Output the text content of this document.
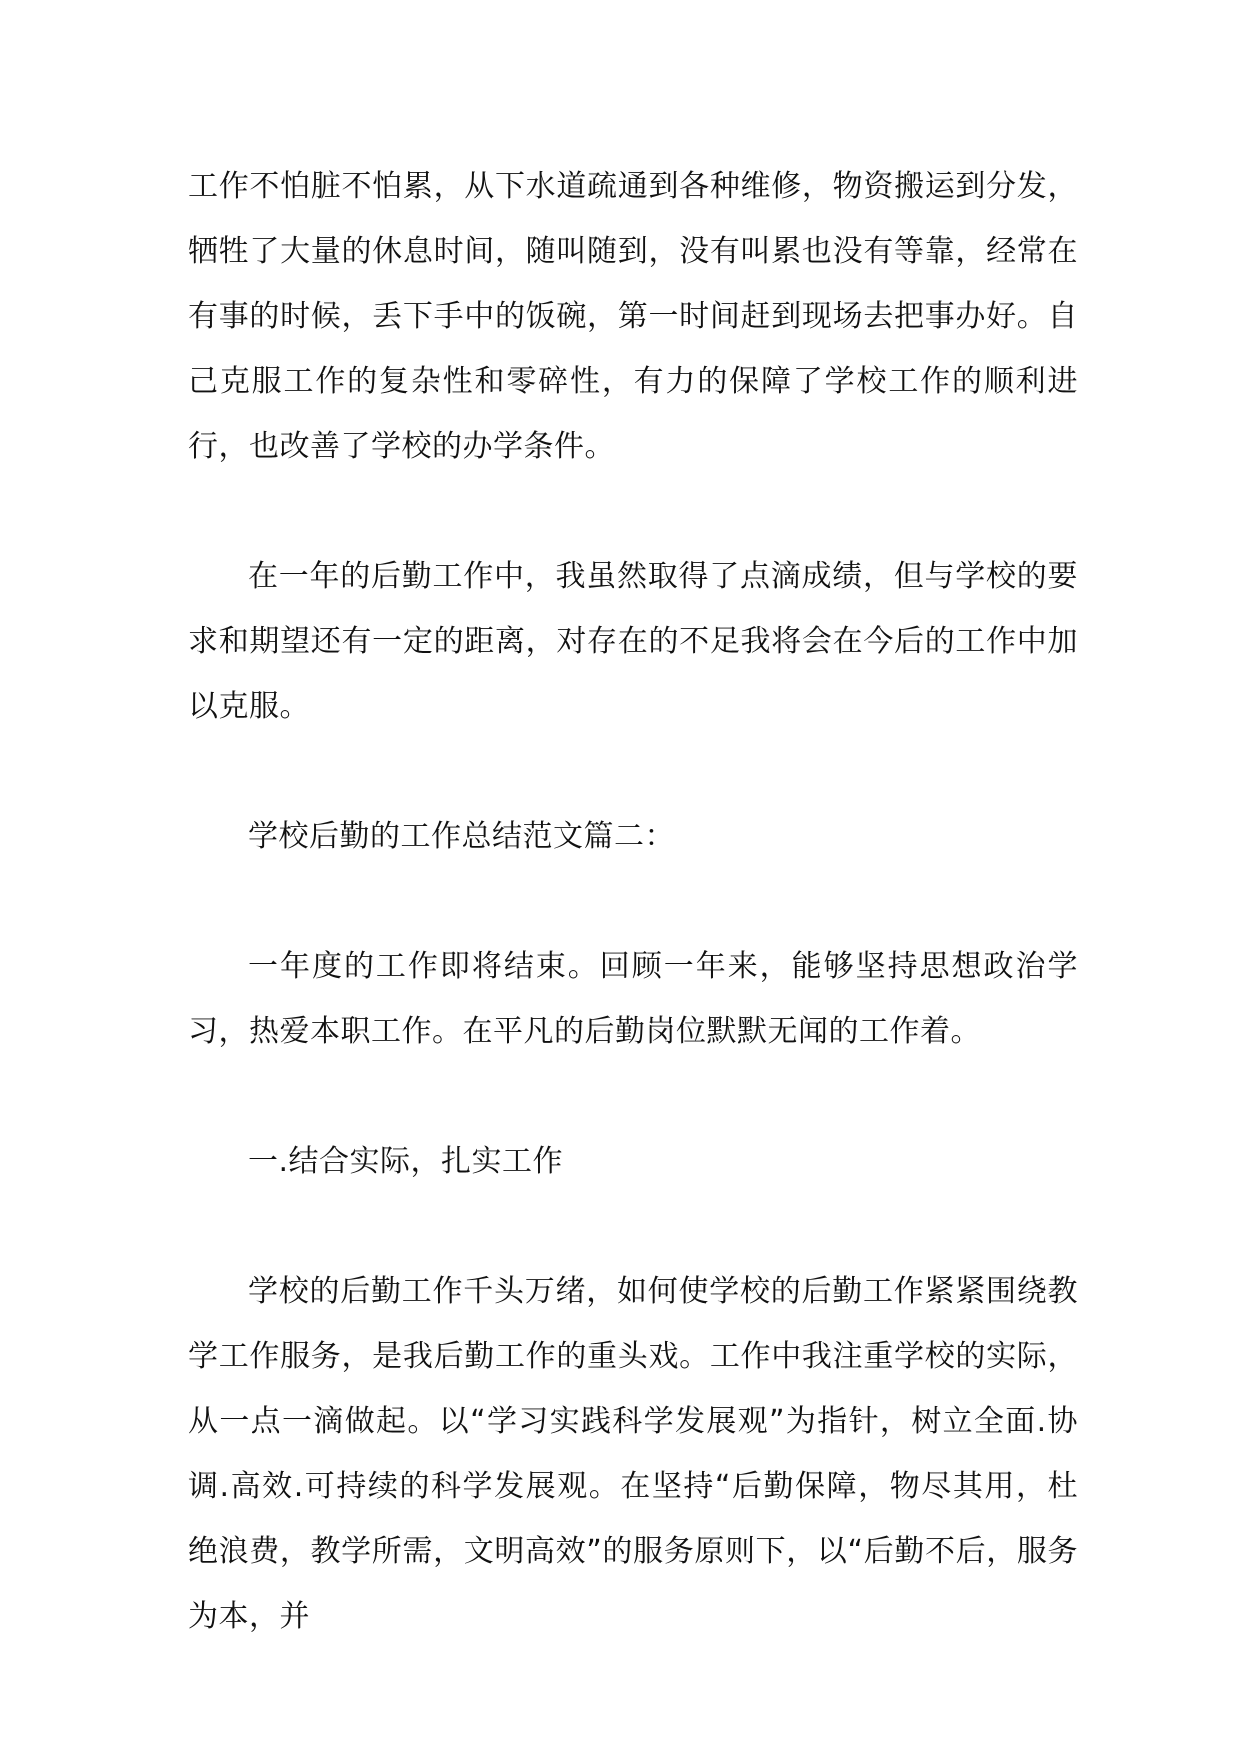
工作不怕脏不怕累，从下水道疏通到各种维修，物资搬运到分发，牺牲了大量的休息时间，随叫随到，没有叫累也没有等靠，经常在有事的时候，丢下手中的饭碗，第一时间赶到现场去把事办好。自己克服工作的复杂性和零碎性，有力的保障了学校工作的顺利进行，也改善了学校的办学条件。

在一年的后勤工作中，我虽然取得了点滴成绩，但与学校的要求和期望还有一定的距离，对存在的不足我将会在今后的工作中加以克服。

学校后勤的工作总结范文篇二：

一年度的工作即将结束。回顾一年来，能够坚持思想政治学习，热爱本职工作。在平凡的后勤岗位默默无闻的工作着。

一.结合实际，扎实工作

学校的后勤工作千头万绪，如何使学校的后勤工作紧紧围绕教学工作服务，是我后勤工作的重头戏。工作中我注重学校的实际，从一点一滴做起。以“学习实践科学发展观”为指针，树立全面.协调.高效.可持续的科学发展观。在坚持“后勤保障，物尽其用，杜绝浪费，教学所需，文明高效”的服务原则下，以“后勤不后，服务为本，并
